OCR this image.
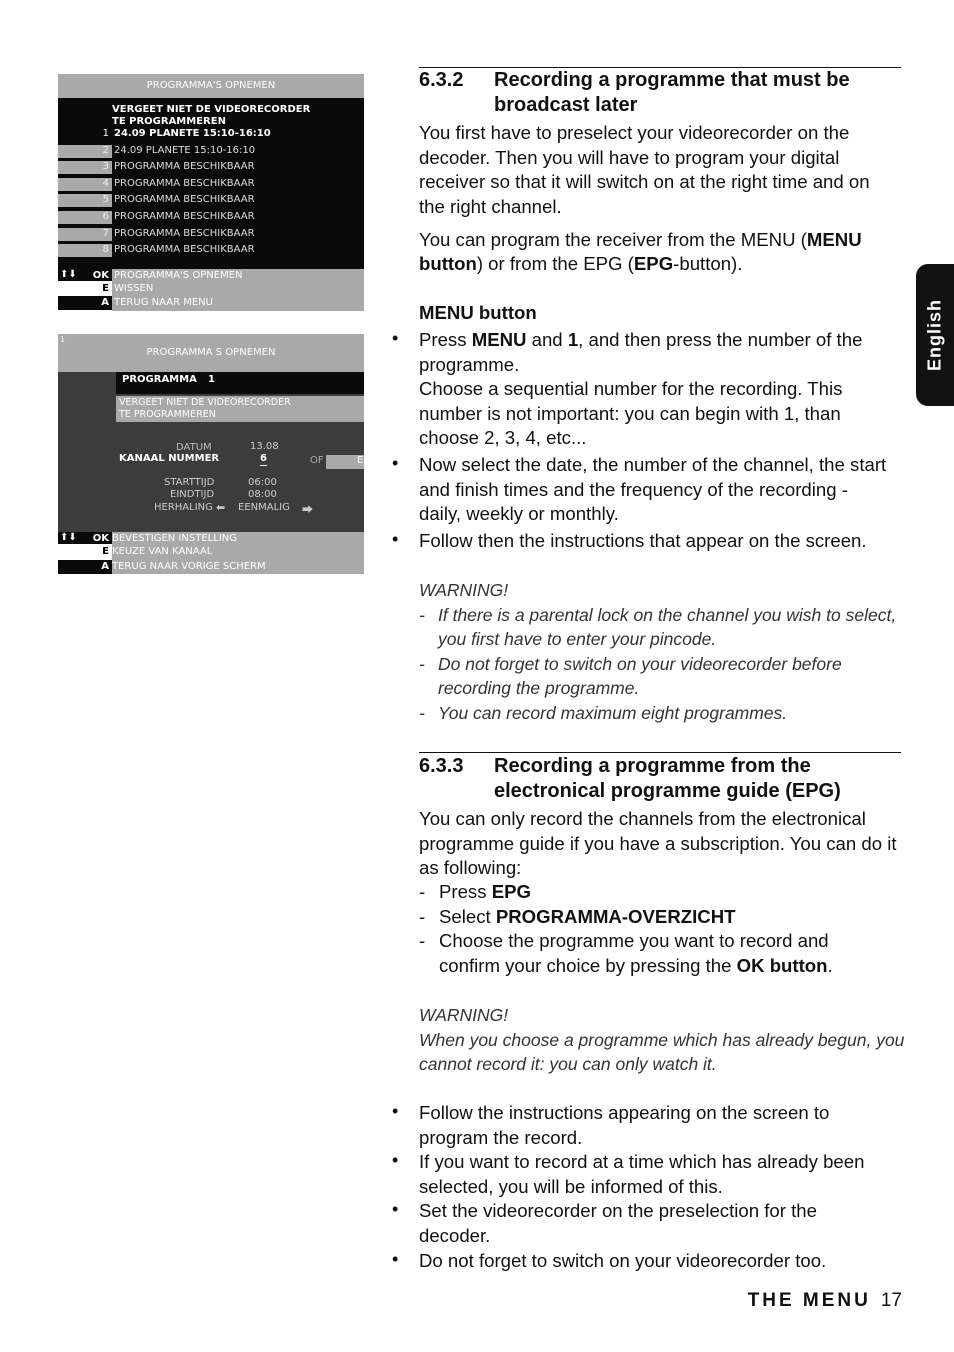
PROGRAMMA'S OPNEMEN
VERGEET NIET DE VIDEORECORDER
TE PROGRAMMEREN
1 24.09 PLANETE 15:10-16:10
2 24.09 PLANETE 15:10-16:10
3 PROGRAMMA BESCHIKBAAR
4 PROGRAMMA BESCHIKBAAR
5 PROGRAMMA BESCHIKBAAR
6 PROGRAMMA BESCHIKBAAR
7 PROGRAMMA BESCHIKBAAR
8 PROGRAMMA BESCHIKBAAR
⬆⬇	OK PROGRAMMA'S OPNEMEN
E WISSEN
A TERUG NAAR MENU
1
PROGRAMMA S OPNEMEN
PROGRAMMA 1
VERGEET NIET DE VIDEORECORDER
TE PROGRAMMEREN
DATUM	13.08
KANAAL NUMMER	6	OF	E
STARTTIJD	06:00
EINDTIJD	08:00
HERHALING ⬅ EENMALIG ⮕
⬆⬇	OK BEVESTIGEN INSTELLING
E KEUZE VAN KANAAL
A TERUG NAAR VORIGE SCHERM
6.3.2 Recording a programme that must be
broadcast later
You first have to preselect your videorecorder on the
decoder. Then you will have to program your digital
receiver so that it will switch on at the right time and on
the right channel.
You can program the receiver from the MENU (MENU
button) or from the EPG (EPG-button).
MENU button
• Press MENU and 1, and then press the number of the
programme.
Choose a sequential number for the recording. This
number is not important: you can begin with 1, than
choose 2, 3, 4, etc...
• Now select the date, the number of the channel, the start
and finish times and the frequency of the recording -
daily, weekly or monthly.
• Follow then the instructions that appear on the screen.
WARNING!
- If there is a parental lock on the channel you wish to select,
you first have to enter your pincode.
- Do not forget to switch on your videorecorder before
recording the programme.
- You can record maximum eight programmes.
6.3.3 Recording a programme from the
electronical programme guide (EPG)
You can only record the channels from the electronical
programme guide if you have a subscription. You can do it
as following:
- Press EPG
- Select PROGRAMMA-OVERZICHT
- Choose the programme you want to record and
confirm your choice by pressing the OK button.
WARNING!
When you choose a programme which has already begun, you
cannot record it: you can only watch it.
• Follow the instructions appearing on the screen to
program the record.
• If you want to record at a time which has already been
selected, you will be informed of this.
• Set the videorecorder on the preselection for the
decoder.
• Do not forget to switch on your videorecorder too.
English
THE MENU 17
